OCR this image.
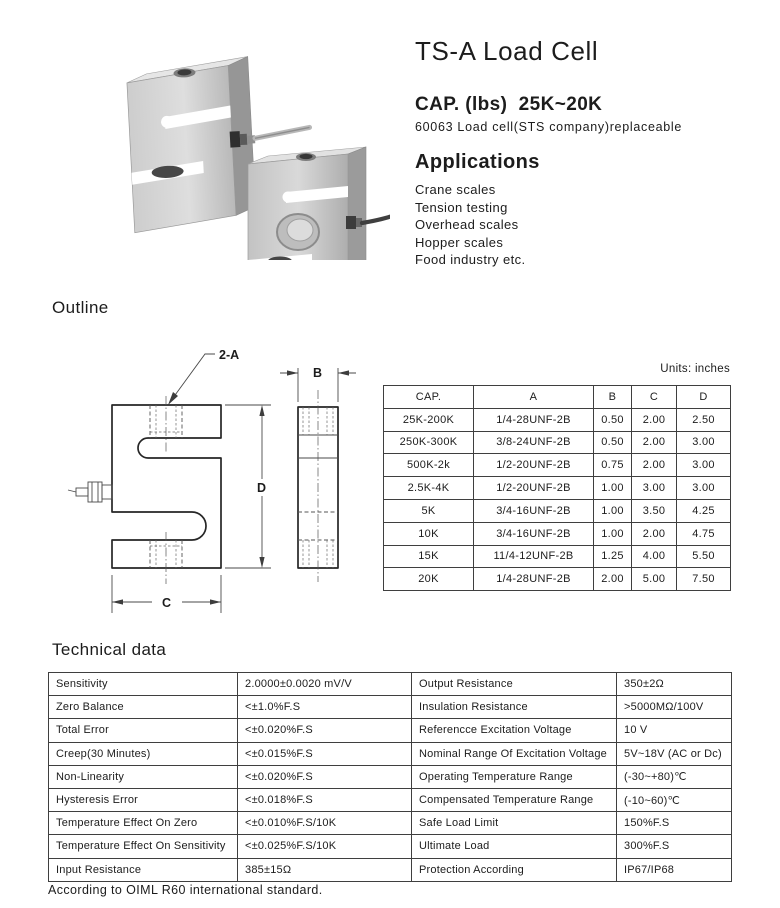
TS-A Load Cell
CAP. (lbs)  25K~20K
60063 Load cell(STS company)replaceable
Applications
Crane scales
Tension testing
Overhead scales
Hopper scales
Food industry etc.
Outline
2-A
D
C
B	Units: inches
CAP.	A	B	C	D
25K-200K	1/4-28UNF-2B	0.50	2.00	2.50
250K-300K	3/8-24UNF-2B	0.50	2.00	3.00
500K-2k	1/2-20UNF-2B	0.75	2.00	3.00
2.5K-4K	1/2-20UNF-2B	1.00	3.00	3.00
5K	3/4-16UNF-2B	1.00	3.50	4.25
10K	3/4-16UNF-2B	1.00	2.00	4.75
15K	11/4-12UNF-2B	1.25	4.00	5.50
20K	1/4-28UNF-2B	2.00	5.00	7.50
Technical data
Sensitivity	2.0000±0.0020 mV/V	Output Resistance	350±2Ω
Zero Balance	<±1.0%F.S	Insulation Resistance	>5000MΩ/100V
Total Error	<±0.020%F.S	Referencce Excitation Voltage	10 V
Creep(30 Minutes)	<±0.015%F.S	Nominal Range Of Excitation Voltage	5V~18V (AC or Dc)
Non-Linearity	<±0.020%F.S	Operating Temperature Range	(-30~+80)℃
Hysteresis Error	<±0.018%F.S	Compensated Temperature Range	(-10~60)℃
Temperature Effect On Zero	<±0.010%F.S/10K	Safe Load Limit	150%F.S
Temperature Effect On Sensitivity	<±0.025%F.S/10K	Ultimate Load	300%F.S
Input Resistance	385±15Ω	Protection According	IP67/IP68
According to OIML R60 international standard.
